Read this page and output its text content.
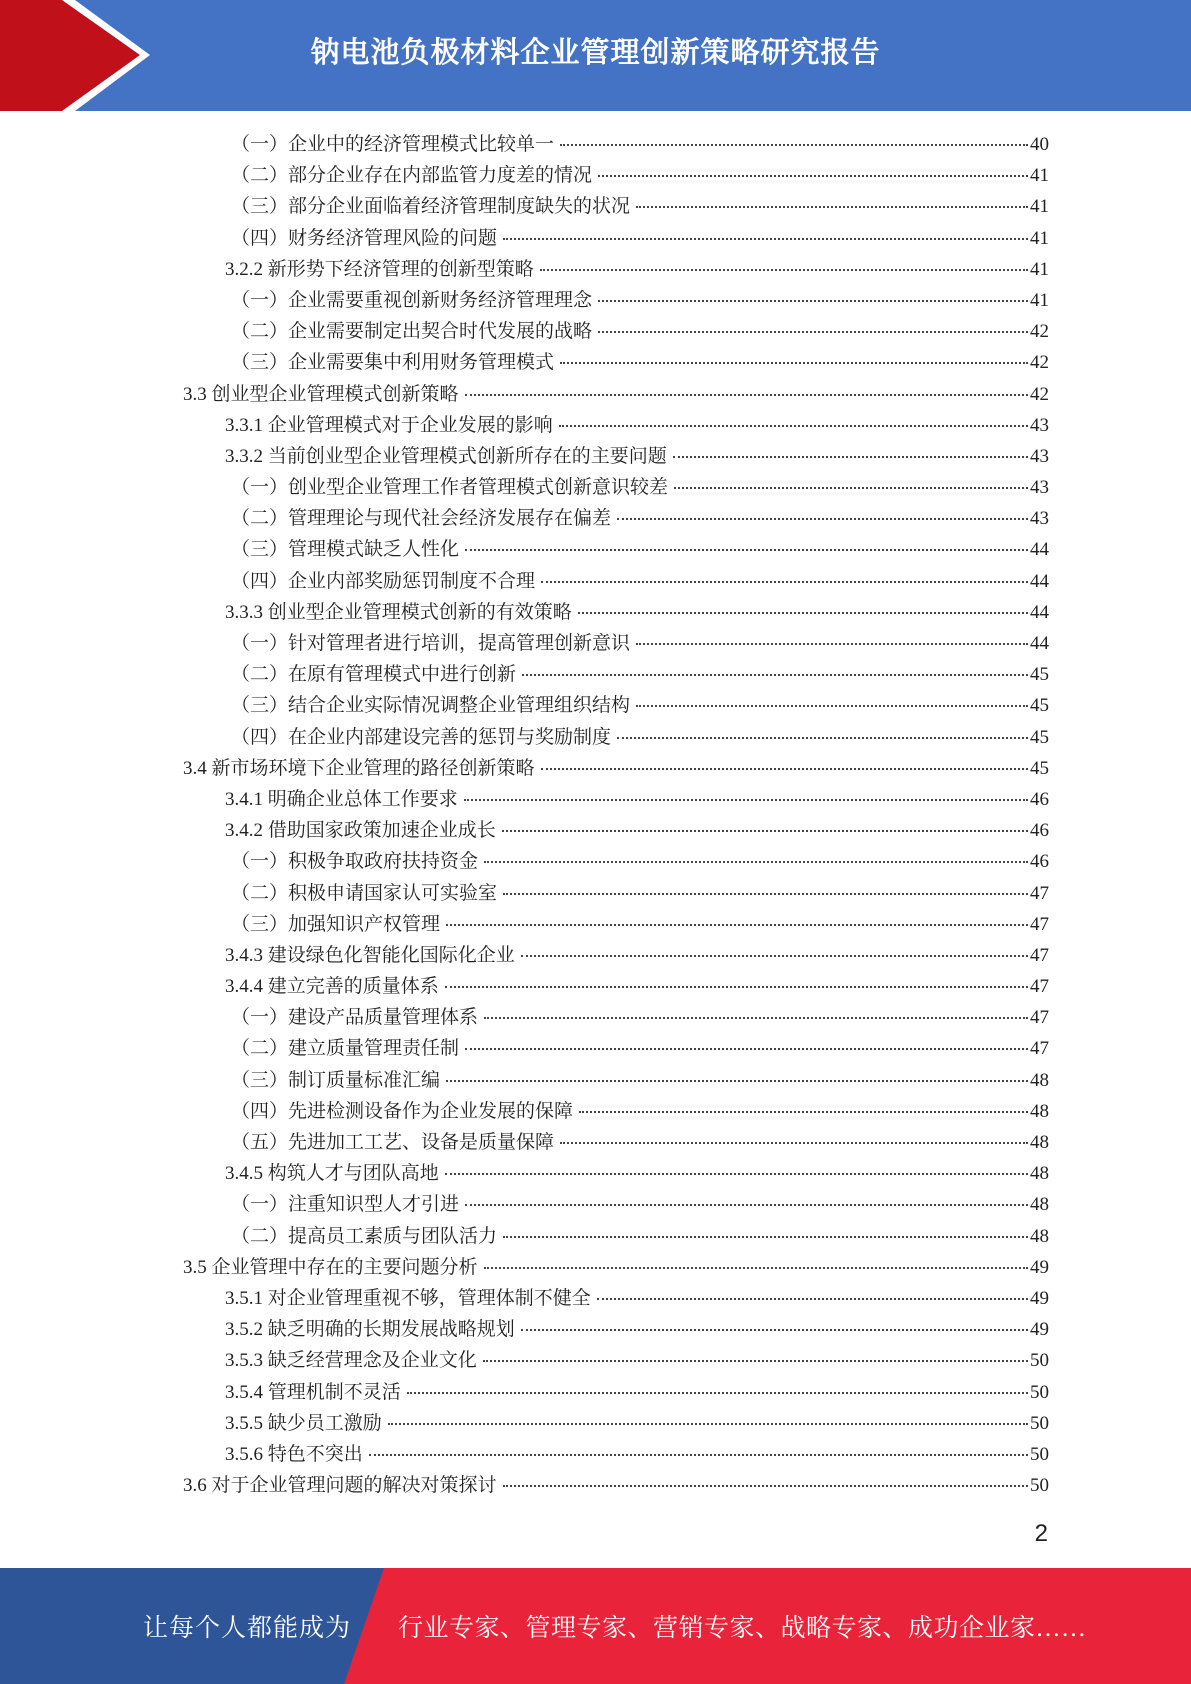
钠电池负极材料企业管理创新策略研究报告
（一）企业中的经济管理模式比较单一	40
（二）部分企业存在内部监管力度差的情况	41
（三）部分企业面临着经济管理制度缺失的状况	41
（四）财务经济管理风险的问题	41
3.2.2 新形势下经济管理的创新型策略	41
（一）企业需要重视创新财务经济管理理念	41
（二）企业需要制定出契合时代发展的战略	42
（三）企业需要集中利用财务管理模式	42
3.3 创业型企业管理模式创新策略	42
3.3.1 企业管理模式对于企业发展的影响	43
3.3.2 当前创业型企业管理模式创新所存在的主要问题	43
（一）创业型企业管理工作者管理模式创新意识较差	43
（二）管理理论与现代社会经济发展存在偏差	43
（三）管理模式缺乏人性化	44
（四）企业内部奖励惩罚制度不合理	44
3.3.3 创业型企业管理模式创新的有效策略	44
（一）针对管理者进行培训，提高管理创新意识	44
（二）在原有管理模式中进行创新	45
（三）结合企业实际情况调整企业管理组织结构	45
（四）在企业内部建设完善的惩罚与奖励制度	45
3.4 新市场环境下企业管理的路径创新策略	45
3.4.1 明确企业总体工作要求	46
3.4.2 借助国家政策加速企业成长	46
（一）积极争取政府扶持资金	46
（二）积极申请国家认可实验室	47
（三）加强知识产权管理	47
3.4.3 建设绿色化智能化国际化企业	47
3.4.4 建立完善的质量体系	47
（一）建设产品质量管理体系	47
（二）建立质量管理责任制	47
（三）制订质量标准汇编	48
（四）先进检测设备作为企业发展的保障	48
（五）先进加工工艺、设备是质量保障	48
3.4.5 构筑人才与团队高地	48
（一）注重知识型人才引进	48
（二）提高员工素质与团队活力	48
3.5 企业管理中存在的主要问题分析	49
3.5.1 对企业管理重视不够，管理体制不健全	49
3.5.2 缺乏明确的长期发展战略规划	49
3.5.3 缺乏经营理念及企业文化	50
3.5.4 管理机制不灵活	50
3.5.5 缺少员工激励	50
3.5.6 特色不突出	50
3.6 对于企业管理问题的解决对策探讨	50
2
让每个人都能成为 行业专家、管理专家、营销专家、战略专家、成功企业家……
